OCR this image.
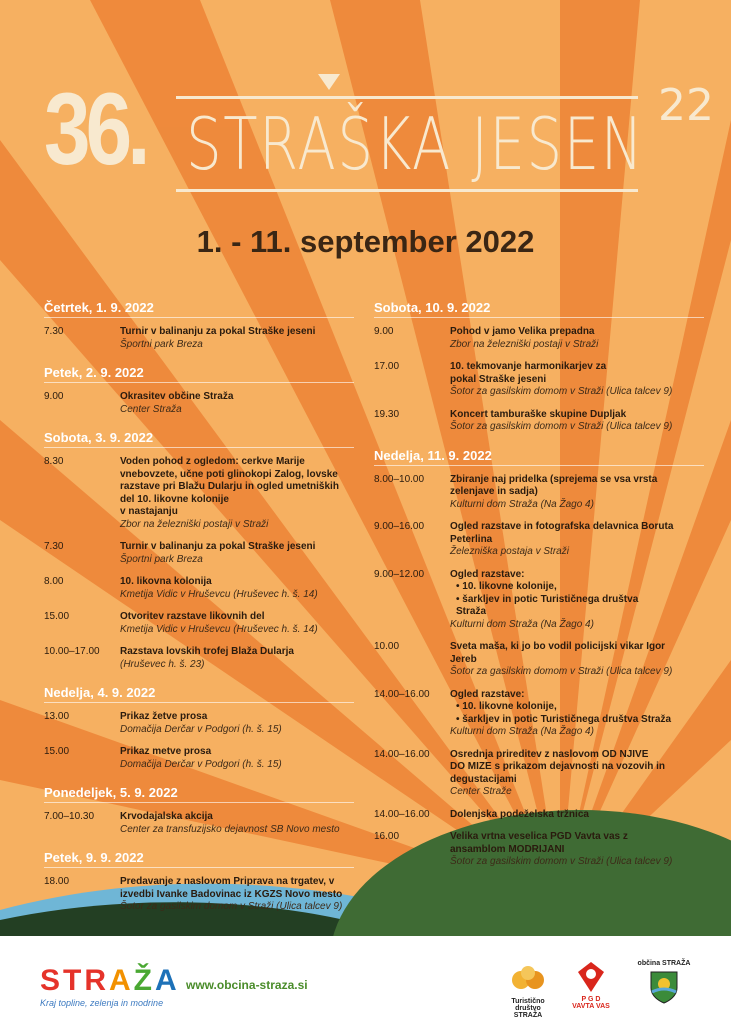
36. STRAŠKA JESEN 22
1. - 11. september 2022
Četrtek, 1. 9. 2022
7.30	Turnir v balinanju za pokal Straške jeseni
Športni park Breza
Petek, 2. 9. 2022
9.00	Okrasitev občine Straža
Center Straža
Sobota, 3. 9. 2022
8.30	Voden pohod z ogledom: cerkve Marije
vnebovzete, učne poti glinokopi Zalog, lovske
razstave pri Blažu Dularju in ogled umetniških
del 10. likovne kolonije
v nastajanju
Zbor na železniški postaji v Straži
7.30	Turnir v balinanju za pokal Straške jeseni
Športni park Breza
8.00	10. likovna kolonija
Kmetija Vidic v Hruševcu (Hruševec h. š. 14)
15.00	Otvoritev razstave likovnih del
Kmetija Vidic v Hruševcu (Hruševec h. š. 14)
10.00–17.00	Razstava lovskih trofej Blaža Dularja
(Hruševec h. š. 23)
Nedelja, 4. 9. 2022
13.00	Prikaz žetve prosa
Domačija Derčar v Podgori (h. š. 15)
15.00	Prikaz metve prosa
Domačija Derčar v Podgori (h. š. 15)
Ponedeljek, 5. 9. 2022
7.00–10.30	Krvodajalska akcija
Center za transfuzijsko dejavnost SB Novo mesto
Petek, 9. 9. 2022
18.00	Predavanje z naslovom Priprava na trgatev, v
izvedbi Ivanke Badovinac iz KGZS Novo mesto
Šotor za gasilskim domom v Straži (Ulica talcev 9)
Sobota, 10. 9. 2022
9.00	Pohod v jamo Velika prepadna
Zbor na železniški postaji v Straži
17.00	10. tekmovanje harmonikarjev za
pokal Straške jeseni
Šotor za gasilskim domom v Straži (Ulica talcev 9)
19.30	Koncert tamburaške skupine Dupljak
Šotor za gasilskim domom v Straži (Ulica talcev 9)
Nedelja, 11. 9. 2022
8.00–10.00	Zbiranje naj pridelka (sprejema se vsa vrsta
zelenjave in sadja)
Kulturni dom Straža (Na Žago 4)
9.00–16.00	Ogled razstave in fotografska delavnica Boruta
Peterlina
Železniška postaja v Straži
9.00–12.00	Ogled razstave:
• 10. likovne kolonije,
• šarkljev in potic Turističnega društva
Straža
Kulturni dom Straža (Na Žago 4)
10.00	Sveta maša, ki jo bo vodil policijski vikar Igor
Jereb
Šotor za gasilskim domom v Straži (Ulica talcev 9)
14.00–16.00	Ogled razstave:
• 10. likovne kolonije,
• šarkljev in potic Turističnega društva Straža
Kulturni dom Straža (Na Žago 4)
14.00–16.00	Osrednja prireditev z naslovom OD NJIVE
DO MIZE s prikazom dejavnosti na vozovih in
degustacijami
Center Straže
14.00–16.00	Dolenjska podeželska tržnica
16.00	Velika vrtna veselica PGD Vavta vas z
ansamblom MODRIJANI
Šotor za gasilskim domom v Straži (Ulica talcev 9)
STRAŽA
Kraj topline, zelenja in modrine
www.obcina-straza.si
Turistično društvo
STRAŽA
P G D
VAVTA VAS
občina STRAŽA
